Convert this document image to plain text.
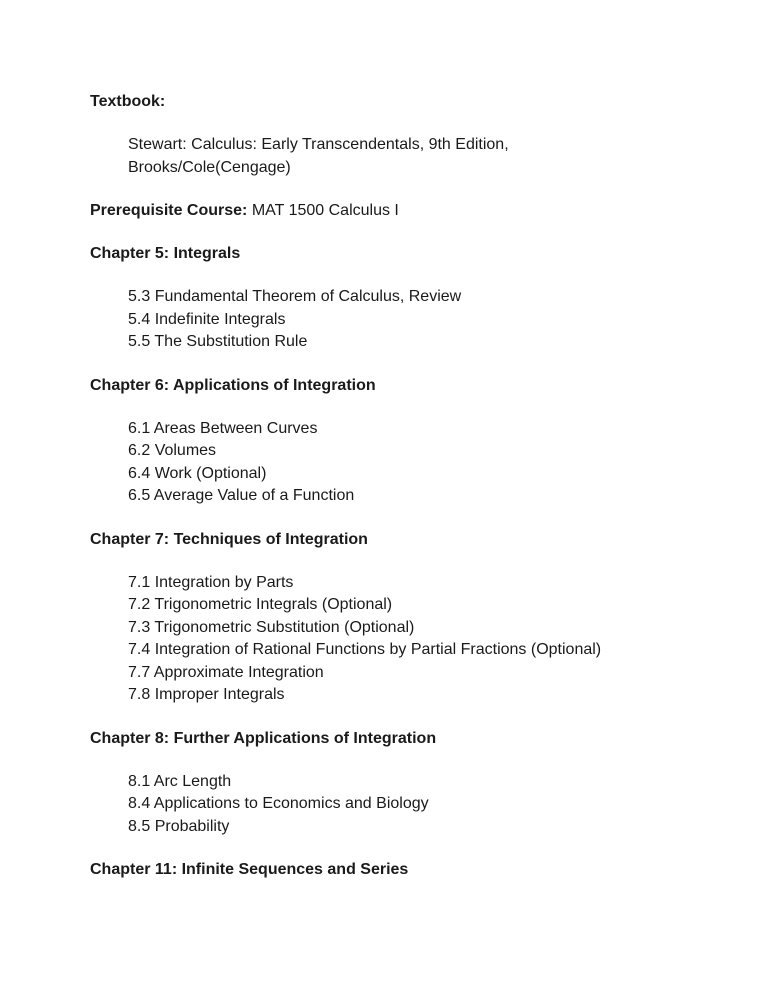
Textbook:

Stewart: Calculus: Early Transcendentals, 9th Edition,
Brooks/Cole(Cengage)

Prerequisite Course: MAT 1500 Calculus I

Chapter 5: Integrals

5.3 Fundamental Theorem of Calculus, Review
5.4 Indefinite Integrals
5.5 The Substitution Rule

Chapter 6: Applications of Integration

6.1 Areas Between Curves
6.2 Volumes
6.4 Work (Optional)
6.5 Average Value of a Function

Chapter 7: Techniques of Integration

7.1 Integration by Parts
7.2 Trigonometric Integrals (Optional)
7.3 Trigonometric Substitution (Optional)
7.4 Integration of Rational Functions by Partial Fractions (Optional)
7.7 Approximate Integration
7.8 Improper Integrals

Chapter 8: Further Applications of Integration

8.1 Arc Length
8.4 Applications to Economics and Biology
8.5 Probability

Chapter 11: Infinite Sequences and Series
